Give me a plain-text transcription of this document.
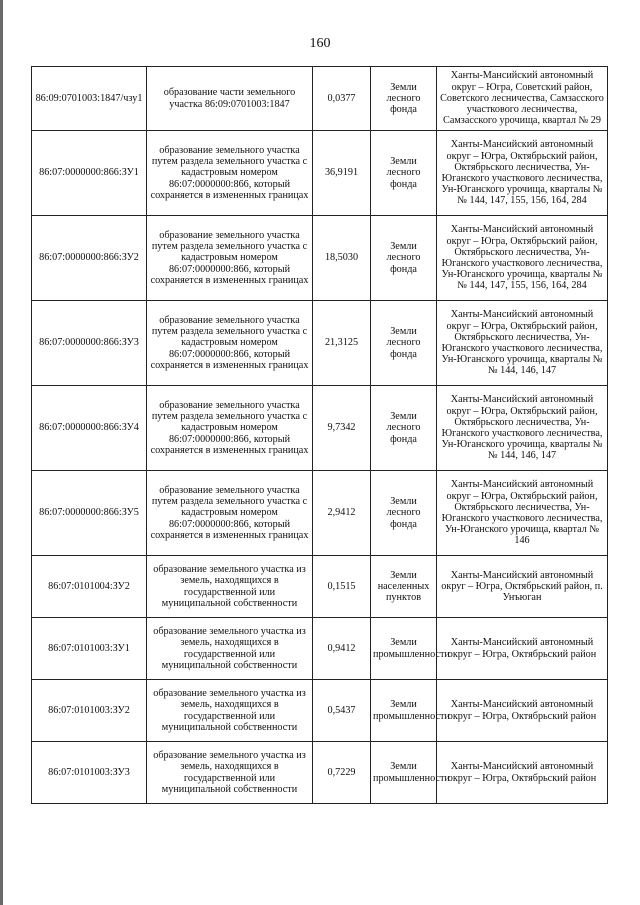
160
86:09:0701003:1847/чзу1	образование части земельного участка 86:09:0701003:1847	0,0377	Земли лесного фонда	Ханты-Мансийский автономный округ – Югра, Советский район, Советского лесничества, Самзасского участкового лесничества, Самзасского урочища, квартал № 29
86:07:0000000:866:ЗУ1	образование земельного участка путем раздела земельного участка с кадастровым номером 86:07:0000000:866, который сохраняется в измененных границах	36,9191	Земли лесного фонда	Ханты-Мансийский автономный округ – Югра, Октябрьский район, Октябрьского лесничества, Ун-Юганского участкового лесничества, Ун-Юганского урочища, кварталы №№ 144, 147, 155, 156, 164, 284
86:07:0000000:866:ЗУ2	образование земельного участка путем раздела земельного участка с кадастровым номером 86:07:0000000:866, который сохраняется в измененных границах	18,5030	Земли лесного фонда	Ханты-Мансийский автономный округ – Югра, Октябрьский район, Октябрьского лесничества, Ун-Юганского участкового лесничества, Ун-Юганского урочища, кварталы №№ 144, 147, 155, 156, 164, 284
86:07:0000000:866:ЗУ3	образование земельного участка путем раздела земельного участка с кадастровым номером 86:07:0000000:866, который сохраняется в измененных границах	21,3125	Земли лесного фонда	Ханты-Мансийский автономный округ – Югра, Октябрьский район, Октябрьского лесничества, Ун-Юганского участкового лесничества, Ун-Юганского урочища, кварталы №№ 144, 146, 147
86:07:0000000:866:ЗУ4	образование земельного участка путем раздела земельного участка с кадастровым номером 86:07:0000000:866, который сохраняется в измененных границах	9,7342	Земли лесного фонда	Ханты-Мансийский автономный округ – Югра, Октябрьский район, Октябрьского лесничества, Ун-Юганского участкового лесничества, Ун-Юганского урочища, кварталы №№ 144, 146, 147
86:07:0000000:866:ЗУ5	образование земельного участка путем раздела земельного участка с кадастровым номером 86:07:0000000:866, который сохраняется в измененных границах	2,9412	Земли лесного фонда	Ханты-Мансийский автономный округ – Югра, Октябрьский район, Октябрьского лесничества, Ун-Юганского участкового лесничества, Ун-Юганского урочища, квартал № 146
86:07:0101004:ЗУ2	образование земельного участка из земель, находящихся в государственной или муниципальной собственности	0,1515	Земли населенных пунктов	Ханты-Мансийский автономный округ – Югра, Октябрьский район, п. Унъюган
86:07:0101003:ЗУ1	образование земельного участка из земель, находящихся в государственной или муниципальной собственности	0,9412	Земли промышленности	Ханты-Мансийский автономный округ – Югра, Октябрьский район
86:07:0101003:ЗУ2	образование земельного участка из земель, находящихся в государственной или муниципальной собственности	0,5437	Земли промышленности	Ханты-Мансийский автономный округ – Югра, Октябрьский район
86:07:0101003:ЗУ3	образование земельного участка из земель, находящихся в государственной или муниципальной собственности	0,7229	Земли промышленности	Ханты-Мансийский автономный округ – Югра, Октябрьский район
